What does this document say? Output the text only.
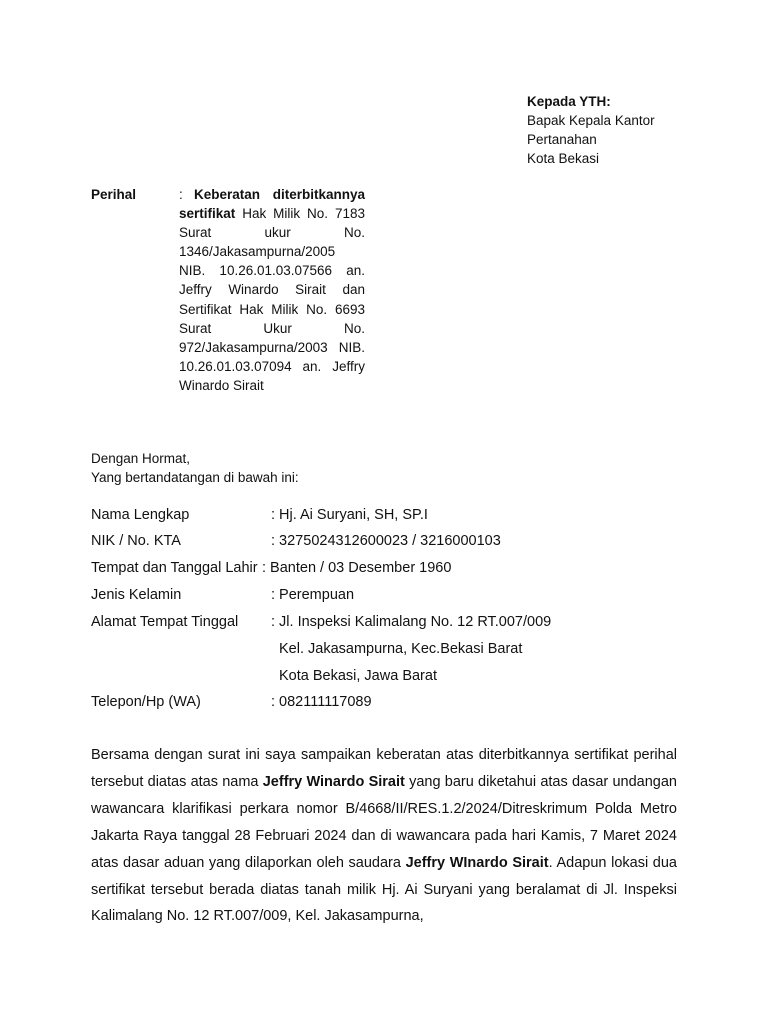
Kepada YTH:
Bapak Kepala Kantor
Pertanahan
Kota Bekasi
Perihal	: Keberatan diterbitkannya sertifikat Hak Milik No. 7183 Surat ukur No. 1346/Jakasampurna/2005 NIB. 10.26.01.03.07566 an. Jeffry Winardo Sirait dan Sertifikat Hak Milik No. 6693 Surat Ukur No. 972/Jakasampurna/2003 NIB. 10.26.01.03.07094 an. Jeffry Winardo Sirait

Dengan Hormat,
Yang bertandatangan di bawah ini:
Nama Lengkap	: Hj. Ai Suryani, SH, SP.I
NIK / No. KTA	: 3275024312600023 / 3216000103
Tempat dan Tanggal Lahir : Banten / 03 Desember 1960
Jenis Kelamin	: Perempuan
Alamat Tempat Tinggal : Jl. Inspeksi Kalimalang No. 12 RT.007/009
Kel. Jakasampurna, Kec.Bekasi Barat
Kota Bekasi, Jawa Barat
Telepon/Hp (WA)	: 082111117089

Bersama dengan surat ini saya sampaikan keberatan atas diterbitkannya sertifikat perihal tersebut diatas atas nama Jeffry Winardo Sirait yang baru diketahui atas dasar undangan wawancara klarifikasi perkara nomor B/4668/II/RES.1.2/2024/Ditreskrimum Polda Metro Jakarta Raya tanggal 28 Februari 2024 dan di wawancara pada hari Kamis, 7 Maret 2024 atas dasar aduan yang dilaporkan oleh saudara Jeffry WInardo Sirait. Adapun lokasi dua sertifikat tersebut berada diatas tanah milik Hj. Ai Suryani yang beralamat di Jl. Inspeksi Kalimalang No. 12 RT.007/009, Kel. Jakasampurna,
